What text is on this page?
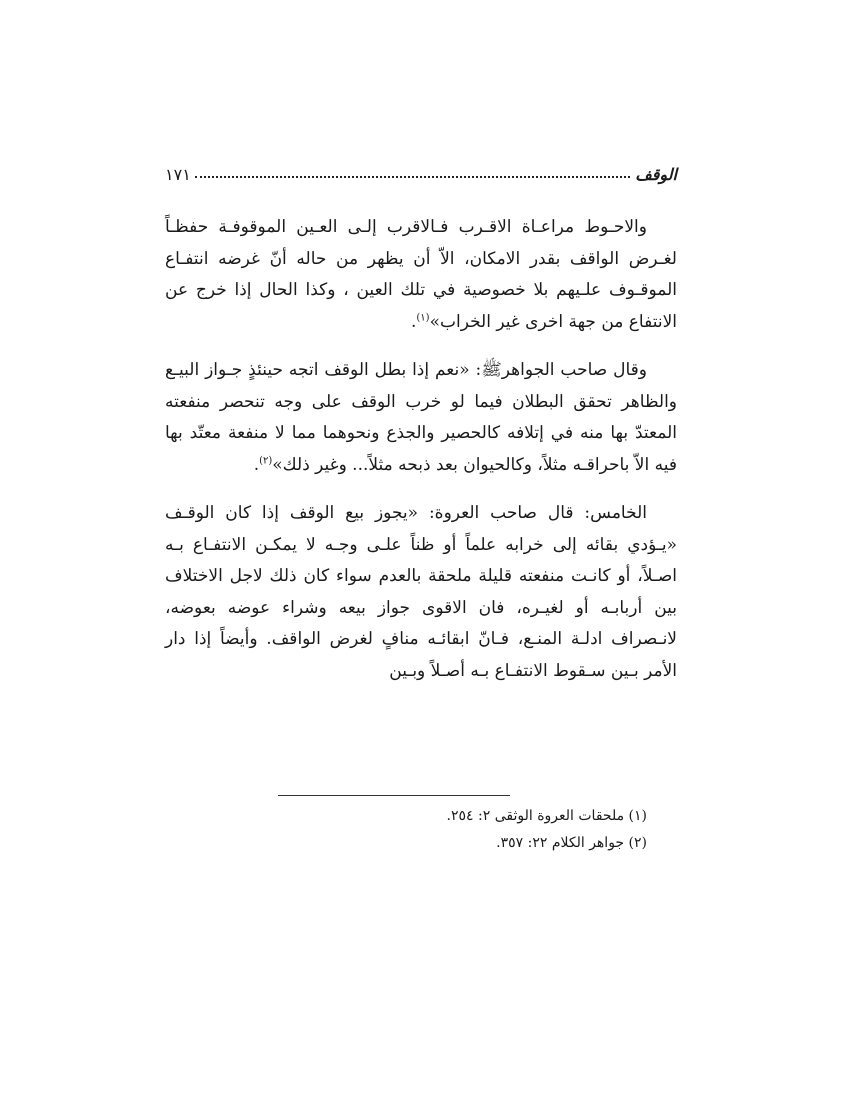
الوقف
١٧١

والاحـوط مراعـاة الاقـرب فـالاقرب إلـى العـين الموقوفـة حفظـاً لغـرض الواقف بقدر الامكان، الاّ أن يظهر من حاله أنّ غرضه انتفـاع الموقـوف علـيهم بلا خصوصية في تلك العين ، وكذا الحال إذا خرج عن الانتفاع من جهة اخرى غير الخراب»$^{(١)}$.

وقال صاحب الجواهرﷺ: «نعم إذا بطل الوقف اتجه حينئذٍ جـواز البيـع والظاهر تحقق البطلان فيما لو خرب الوقف على وجه تنحصر منفعته المعتدّ بها منه في إتلافه كالحصير والجذع ونحوهما مما لا منفعة معتّد بها فيه الاّ باحراقـه مثلاً، وكالحيوان بعد ذبحه مثلاً... وغير ذلك»$^{(٢)}$.

الخامس: قال صاحب العروة: «يجوز بيع الوقف إذا كان الوقـف «يـؤدي بقائه إلى خرابه علماً أو ظناً علـى وجـه لا يمكـن الانتفـاع بـه اصـلاً، أو كانـت منفعته قليلة ملحقة بالعدم سواء كان ذلك لاجل الاختلاف بين أربابـه أو لغيـره، فان الاقوى جواز بيعه وشراء عوضه بعوضه، لانـصراف ادلـة المنـع، فـانّ ابقائـه منافٍ لغرض الواقف. وأيضاً إذا دار الأمر بـين سـقوط الانتفـاع بـه أصـلاً وبـين

(١) ملحقات العروة الوثقى ٢: ٢٥٤.

(٢) جواهر الكلام ٢٢: ٣٥٧.
